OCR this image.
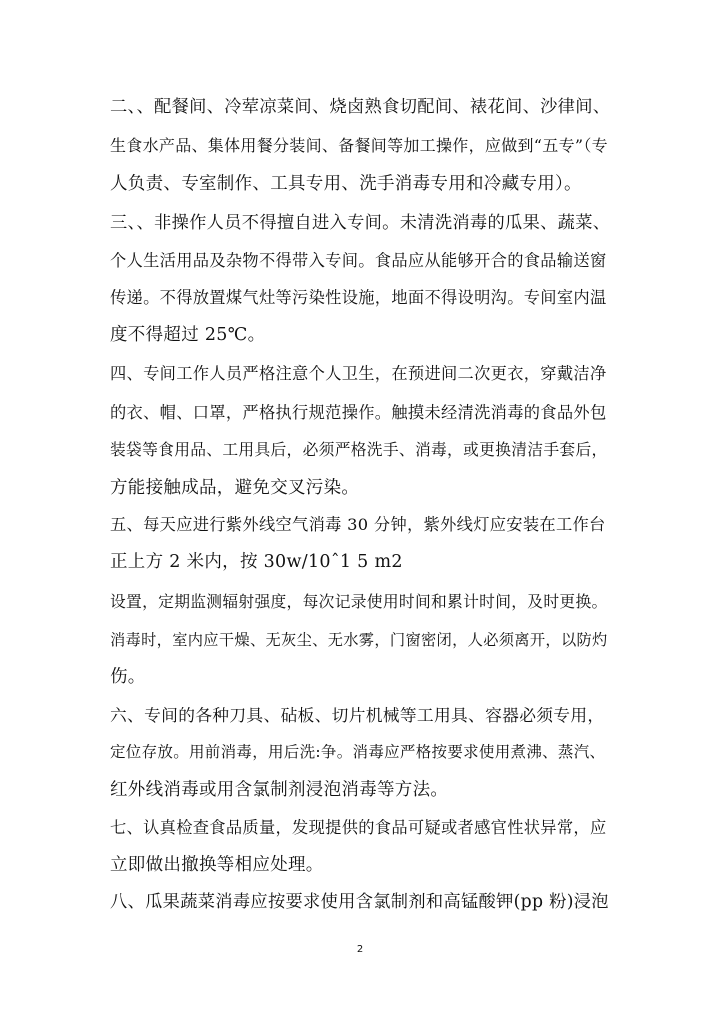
二、、配餐间、冷荤凉菜间、烧卤熟食切配间、裱花间、沙律间、
生食水产品、集体用餐分装间、备餐间等加工操作，应做到“五专”（专
人负责、专室制作、工具专用、洗手消毒专用和冷藏专用）。
三、、非操作人员不得擅自进入专间。未清洗消毒的瓜果、蔬菜、
个人生活用品及杂物不得带入专间。食品应从能够开合的食品输送窗
传递。不得放置煤气灶等污染性设施，地面不得设明沟。专间室内温
度不得超过 25℃。
四、专间工作人员严格注意个人卫生，在预进间二次更衣，穿戴洁净
的衣、帽、口罩，严格执行规范操作。触摸未经清洗消毒的食品外包
装袋等食用品、工用具后，必须严格洗手、消毒，或更换清洁手套后，
方能接触成品，避免交叉污染。
五、每天应进行紫外线空气消毒 30 分钟，紫外线灯应安装在工作台
正上方 2 米内，按 30w/10ˆ1 5 m2
设置，定期监测辐射强度，每次记录使用时间和累计时间，及时更换。
消毒时，室内应干燥、无灰尘、无水雾，门窗密闭，人必须离开，以防灼
伤。
六、专间的各种刀具、砧板、切片机械等工用具、容器必须专用，
定位存放。用前消毒，用后洗:争。消毒应严格按要求使用煮沸、蒸汽、
红外线消毒或用含氯制剂浸泡消毒等方法。
七、认真检查食品质量，发现提供的食品可疑或者感官性状异常，应
立即做出撤换等相应处理。
八、瓜果蔬菜消毒应按要求使用含氯制剂和高锰酸钾(pp 粉)浸泡
2
